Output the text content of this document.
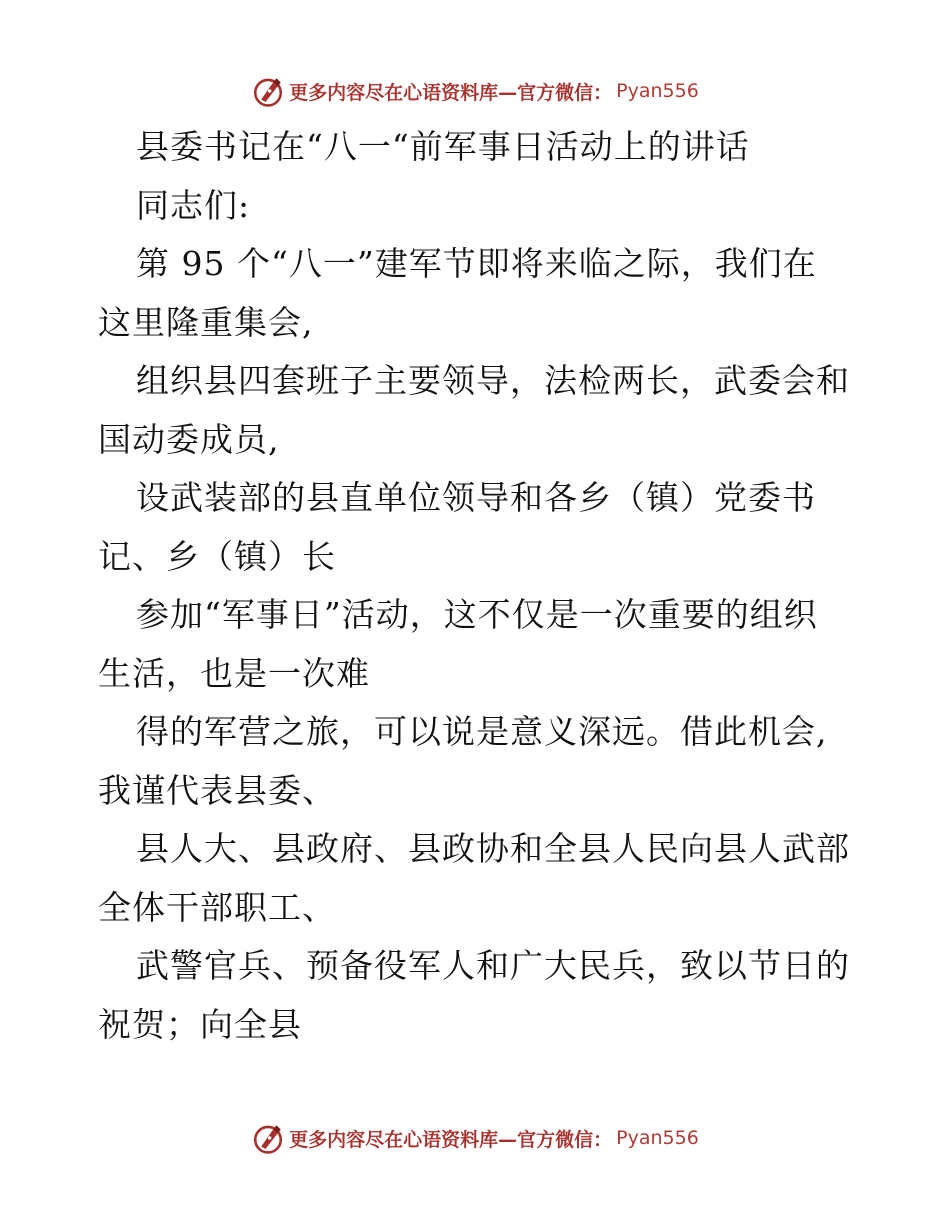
更多内容尽在心语资料库—官方微信： Pyan556
县委书记在“八一“前军事日活动上的讲话
同志们:
第 95 个“八一”建军节即将来临之际，我们在
这里隆重集会,
组织县四套班子主要领导，法检两长，武委会和
国动委成员,
设武装部的县直单位领导和各乡（镇）党委书
记、乡（镇）长
参加“军事日”活动，这不仅是一次重要的组织
生活，也是一次难
得的军营之旅，可以说是意义深远。借此机会,
我谨代表县委、
县人大、县政府、县政协和全县人民向县人武部
全体干部职工、
武警官兵、预备役军人和广大民兵，致以节日的
祝贺；向全县
更多内容尽在心语资料库—官方微信： Pyan556
